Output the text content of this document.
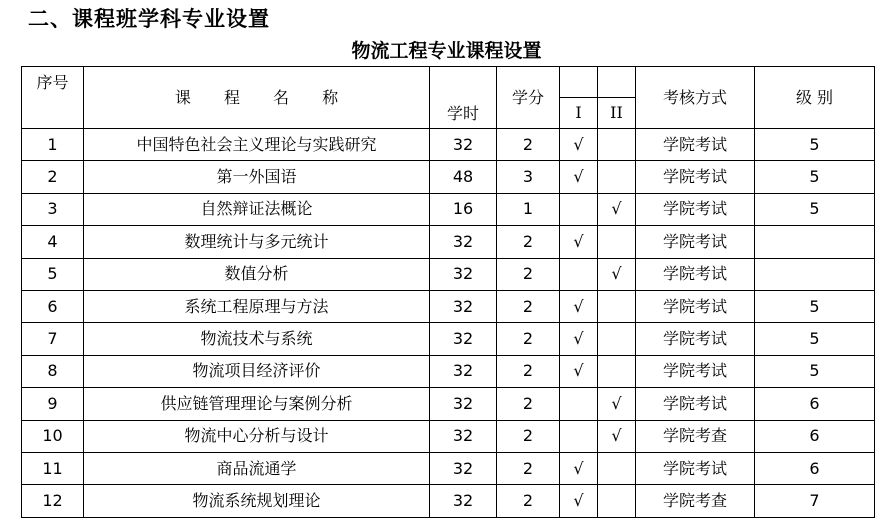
二、课程班学科专业设置
物流工程专业课程设置
序号	课 程 名 称	学时	学分			考核方式	级 别
				I	II		
1	中国特色社会主义理论与实践研究	32	2	√		学院考试	5
2	第一外国语	48	3	√		学院考试	5
3	自然辩证法概论	16	1		√	学院考试	5
4	数理统计与多元统计	32	2	√		学院考试	
5	数值分析	32	2		√	学院考试	
6	系统工程原理与方法	32	2	√		学院考试	5
7	物流技术与系统	32	2	√		学院考试	5
8	物流项目经济评价	32	2	√		学院考试	5
9	供应链管理理论与案例分析	32	2		√	学院考试	6
10	物流中心分析与设计	32	2		√	学院考查	6
11	商品流通学	32	2	√		学院考试	6
12	物流系统规划理论	32	2	√		学院考查	7
